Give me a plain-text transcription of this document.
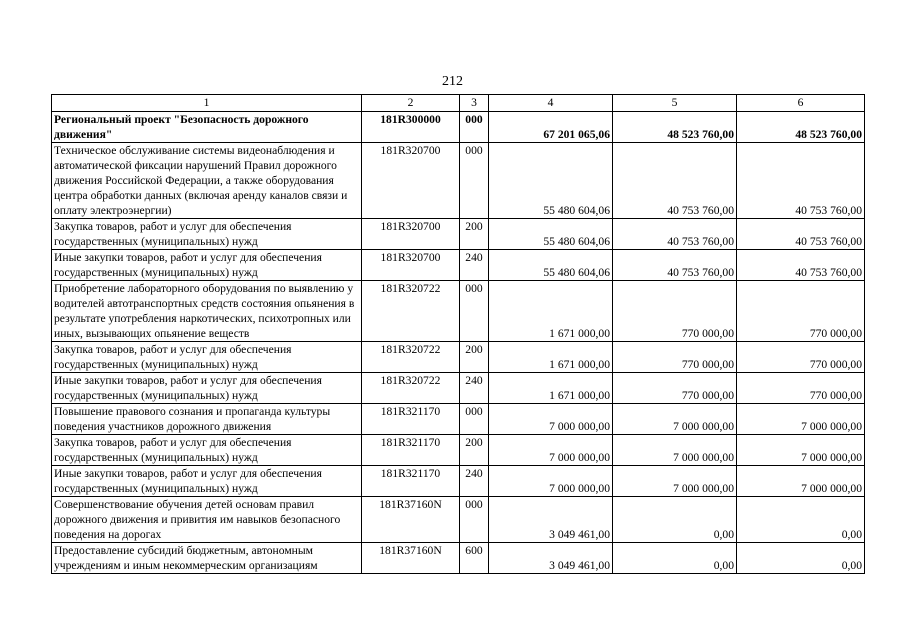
212
1	2	3	4	5	6
Региональный проект "Безопасность дорожного движения"	181R300000	000	67 201 065,06	48 523 760,00	48 523 760,00
Техническое обслуживание системы видеонаблюдения и автоматической фиксации нарушений Правил дорожного движения Российской Федерации, а также оборудования центра обработки данных (включая аренду каналов связи и оплату электроэнергии)	181R320700	000	55 480 604,06	40 753 760,00	40 753 760,00
Закупка товаров, работ и услуг для обеспечения государственных (муниципальных) нужд	181R320700	200	55 480 604,06	40 753 760,00	40 753 760,00
Иные закупки товаров, работ и услуг для обеспечения государственных (муниципальных) нужд	181R320700	240	55 480 604,06	40 753 760,00	40 753 760,00
Приобретение лабораторного оборудования по выявлению у водителей автотранспортных средств состояния опьянения в результате употребления наркотических, психотропных или иных, вызывающих опьянение веществ	181R320722	000	1 671 000,00	770 000,00	770 000,00
Закупка товаров, работ и услуг для обеспечения государственных (муниципальных) нужд	181R320722	200	1 671 000,00	770 000,00	770 000,00
Иные закупки товаров, работ и услуг для обеспечения государственных (муниципальных) нужд	181R320722	240	1 671 000,00	770 000,00	770 000,00
Повышение правового сознания и пропаганда культуры поведения участников дорожного движения	181R321170	000	7 000 000,00	7 000 000,00	7 000 000,00
Закупка товаров, работ и услуг для обеспечения государственных (муниципальных) нужд	181R321170	200	7 000 000,00	7 000 000,00	7 000 000,00
Иные закупки товаров, работ и услуг для обеспечения государственных (муниципальных) нужд	181R321170	240	7 000 000,00	7 000 000,00	7 000 000,00
Совершенствование обучения детей основам правил дорожного движения и привития им навыков безопасного поведения на дорогах	181R37160N	000	3 049 461,00	0,00	0,00
Предоставление субсидий бюджетным, автономным учреждениям и иным некоммерческим организациям	181R37160N	600	3 049 461,00	0,00	0,00
